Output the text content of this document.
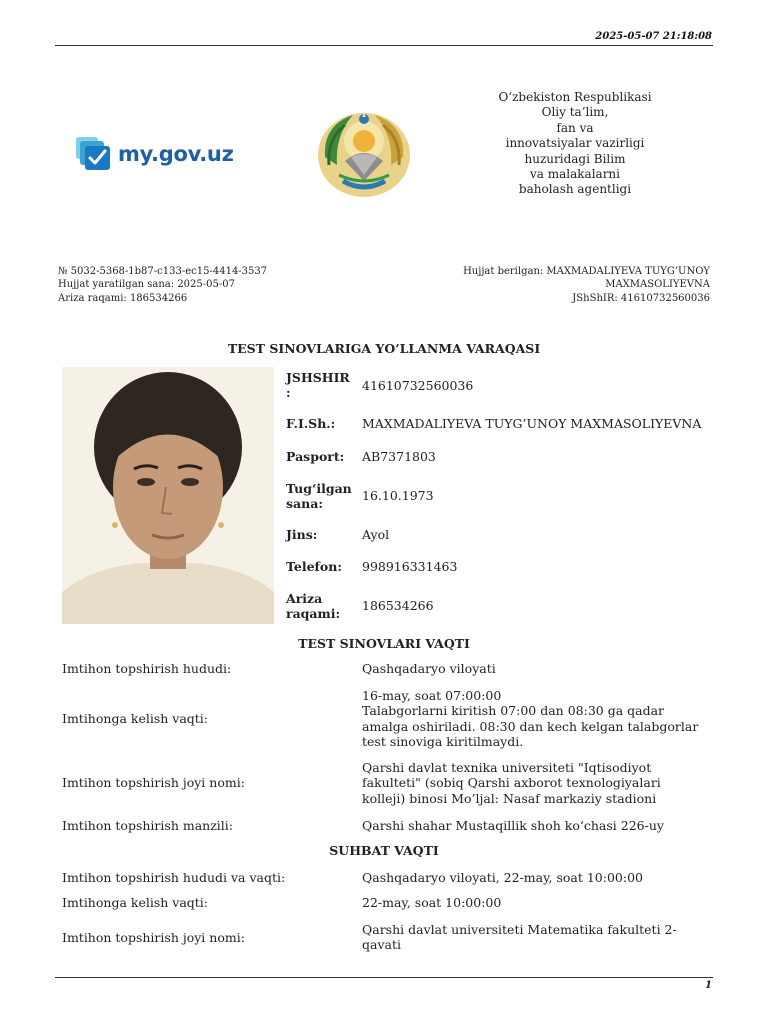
2025-05-07 21:18:08
my.gov.uz
O‘zbekiston Respublikasi
Oliy ta’lim,
fan va
innovatsiyalar vazirligi
huzuridagi Bilim
va malakalarni
baholash agentligi
№ 5032-5368-1b87-c133-ec15-4414-3537
Hujjat yaratilgan sana: 2025-05-07
Ariza raqami: 186534266
Hujjat berilgan: MAXMADALIYEVA TUYG’UNOY
MAXMASOLIYEVNA
JShShIR: 41610732560036
TEST SINOVLARIGA YO’LLANMA VARAQASI
JSHSHIR :	41610732560036
F.I.Sh.:	MAXMADALIYEVA TUYG’UNOY MAXMASOLIYEVNA
Pasport:	AB7371803
Tug‘ilgan sana:
16.10.1973
Jins:	Ayol
Telefon:	998916331463
Ariza raqami:
186534266
TEST SINOVLARI VAQTI
Imtihon topshirish hududi:	Qashqadaryo viloyati
Imtihonga kelish vaqti:
16-may, soat 07:00:00
Talabgorlarni kiritish 07:00 dan 08:30 ga qadar amalga oshiriladi. 08:30 dan kech kelgan talabgorlar test sinoviga kiritilmaydi.
Imtihon topshirish joyi nomi:
Qarshi davlat texnika universiteti "Iqtisodiyot fakulteti" (sobiq Qarshi axborot texnologiyalari kolleji) binosi Mo’ljal: Nasaf markaziy stadioni
Imtihon topshirish manzili:	Qarshi shahar Mustaqillik shoh ko‘chasi 226-uy
SUHBAT VAQTI
Imtihon topshirish hududi va vaqti:	Qashqadaryo viloyati, 22-may, soat 10:00:00
Imtihonga kelish vaqti:	22-may, soat 10:00:00
Imtihon topshirish joyi nomi:
Qarshi davlat universiteti Matematika fakulteti 2-qavati
1
